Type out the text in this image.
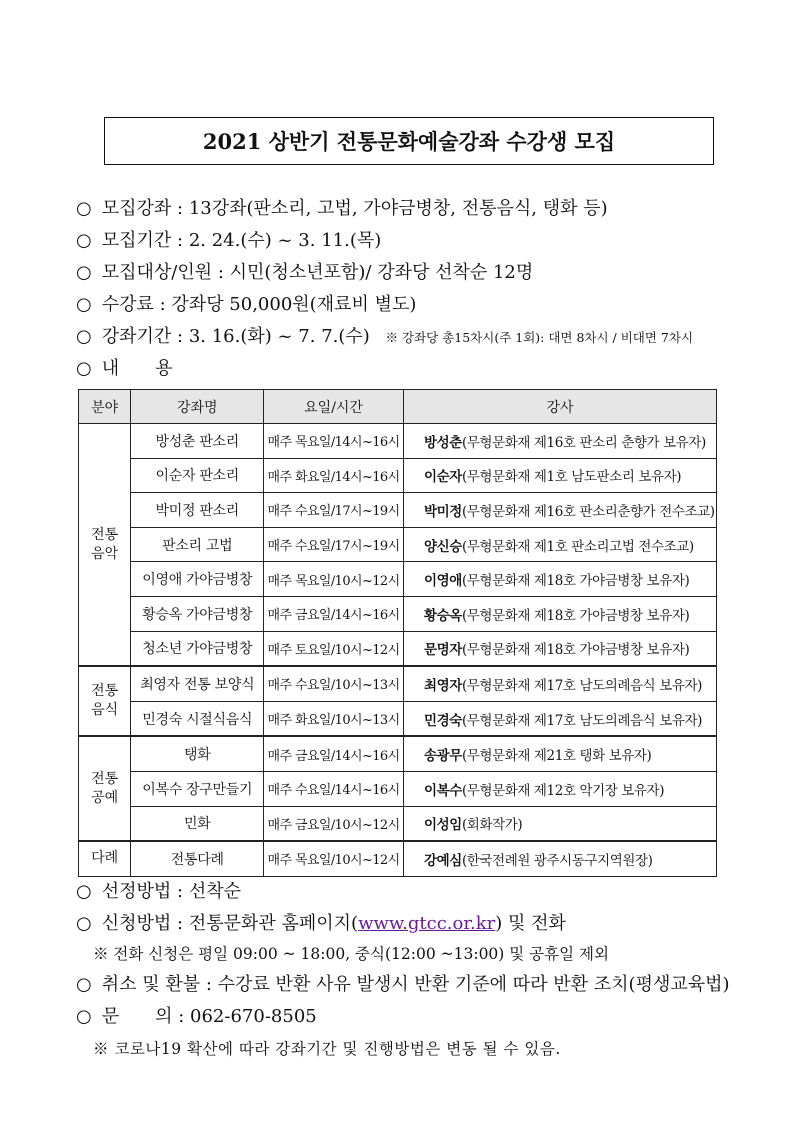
2021 상반기 전통문화예술강좌 수강생 모집
○ 모집강좌 : 13강좌(판소리, 고법, 가야금병창, 전통음식, 탱화 등)
○ 모집기간 : 2. 24.(수) ~ 3. 11.(목)
○ 모집대상/인원 : 시민(청소년포함)/ 강좌당 선착순 12명
○ 수강료 : 강좌당 50,000원(재료비 별도)
○ 강좌기간 : 3. 16.(화) ~ 7. 7.(수) ※ 강좌당 총15차시(주 1회): 대면 8차시 / 비대면 7차시
○ 내　　용
분야	강좌명	요일/시간	강사
전통
음악	방성춘 판소리	매주 목요일/14시~16시	방성춘(무형문화재 제16호 판소리 춘향가 보유자)
	이순자 판소리	매주 화요일/14시~16시	이순자(무형문화재 제1호 남도판소리 보유자)
	박미정 판소리	매주 수요일/17시~19시	박미정(무형문화재 제16호 판소리춘향가 전수조교)
	판소리 고법	매주 수요일/17시~19시	양신승(무형문화재 제1호 판소리고법 전수조교)
	이영애 가야금병창	매주 목요일/10시~12시	이영애(무형문화재 제18호 가야금병창 보유자)
	황승옥 가야금병창	매주 금요일/14시~16시	황승옥(무형문화재 제18호 가야금병창 보유자)
	청소년 가야금병창	매주 토요일/10시~12시	문명자(무형문화재 제18호 가야금병창 보유자)
전통
음식	최영자 전통 보양식	매주 수요일/10시~13시	최영자(무형문화재 제17호 남도의례음식 보유자)
	민경숙 시절식음식	매주 화요일/10시~13시	민경숙(무형문화재 제17호 남도의례음식 보유자)
전통
공예	탱화	매주 금요일/14시~16시	송광무(무형문화재 제21호 탱화 보유자)
	이복수 장구만들기	매주 수요일/14시~16시	이복수(무형문화재 제12호 악기장 보유자)
	민화	매주 금요일/10시~12시	이성임(회화작가)
다례	전통다례	매주 목요일/10시~12시	강예심(한국전례원 광주시동구지역원장)
○ 선정방법 : 선착순
○ 신청방법 : 전통문화관 홈페이지(www.gtcc.or.kr) 및 전화
※ 전화 신청은 평일 09:00 ~ 18:00, 중식(12:00 ~13:00) 및 공휴일 제외
○ 취소 및 환불 : 수강료 반환 사유 발생시 반환 기준에 따라 반환 조치(평생교육법)
○ 문　　의 : 062-670-8505
※ 코로나19 확산에 따라 강좌기간 및 진행방법은 변동 될 수 있음.
